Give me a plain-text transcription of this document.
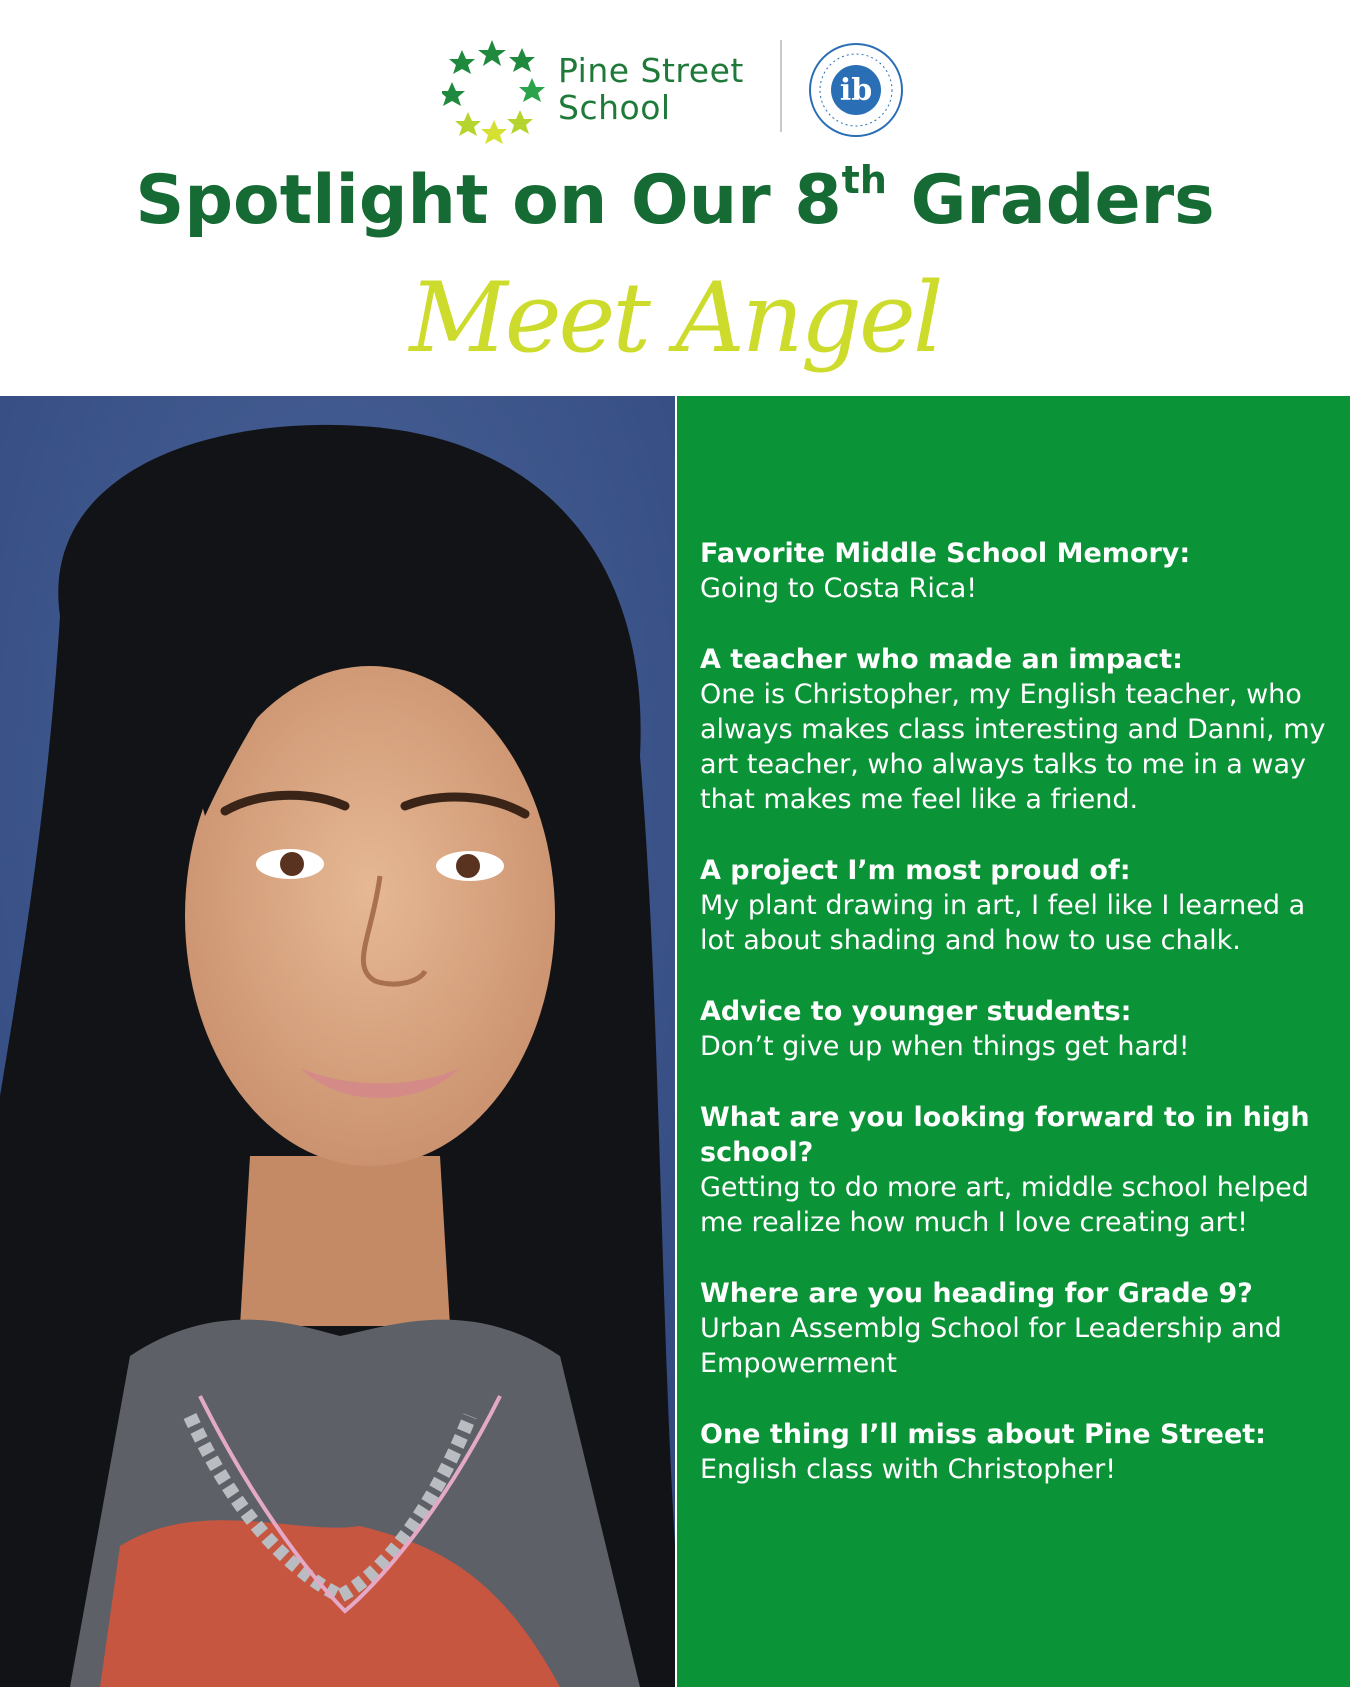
Pine Street
School	ib
Spotlight on Our 8th Graders
Meet Angel
Favorite Middle School Memory:
Going to Costa Rica!
A teacher who made an impact:
One is Christopher, my English teacher, who always makes class interesting and Danni, my art teacher, who always talks to me in a way that makes me feel like a friend.
A project I’m most proud of:
My plant drawing in art, I feel like I learned a lot about shading and how to use chalk.
Advice to younger students:
Don’t give up when things get hard!
What are you looking forward to in high school?
Getting to do more art, middle school helped me realize how much I love creating art!
Where are you heading for Grade 9?
Urban Assemblg School for Leadership and Empowerment
One thing I’ll miss about Pine Street:
English class with Christopher!
